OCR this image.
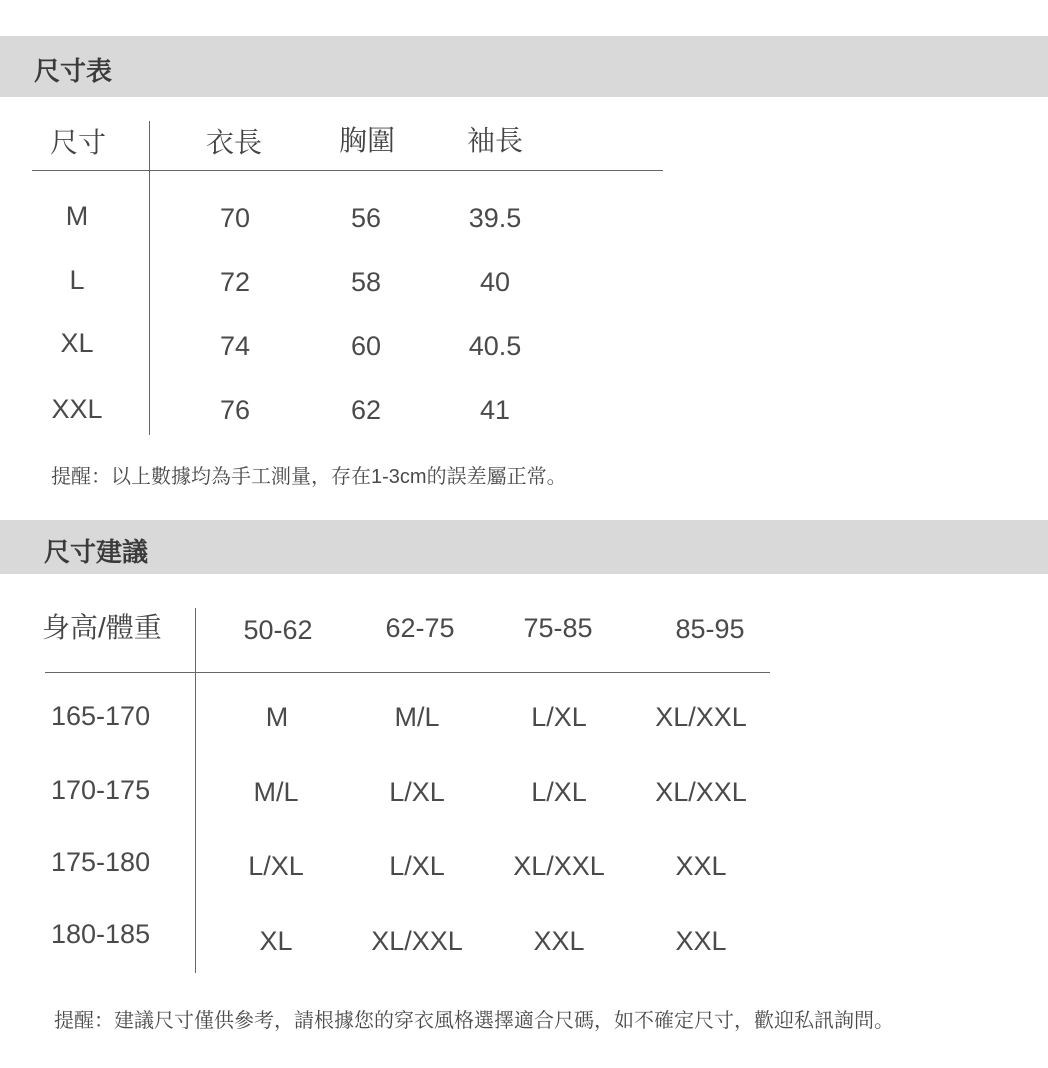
尺寸表
尺寸	衣長	胸圍	袖長
M	70	56	39.5
L	72	58	40
XL	74	60	40.5
XXL	76	62	41
提醒：以上數據均為手工測量，存在1-3cm的誤差屬正常。
尺寸建議
身高/體重	50-62	62-75	75-85	85-95
165-170	M	M/L	L/XL	XL/XXL
170-175	M/L	L/XL	L/XL	XL/XXL
175-180	L/XL	L/XL	XL/XXL	XXL
180-185	XL	XL/XXL	XXL	XXL
提醒：建議尺寸僅供參考，請根據您的穿衣風格選擇適合尺碼，如不確定尺寸，歡迎私訊詢問。
